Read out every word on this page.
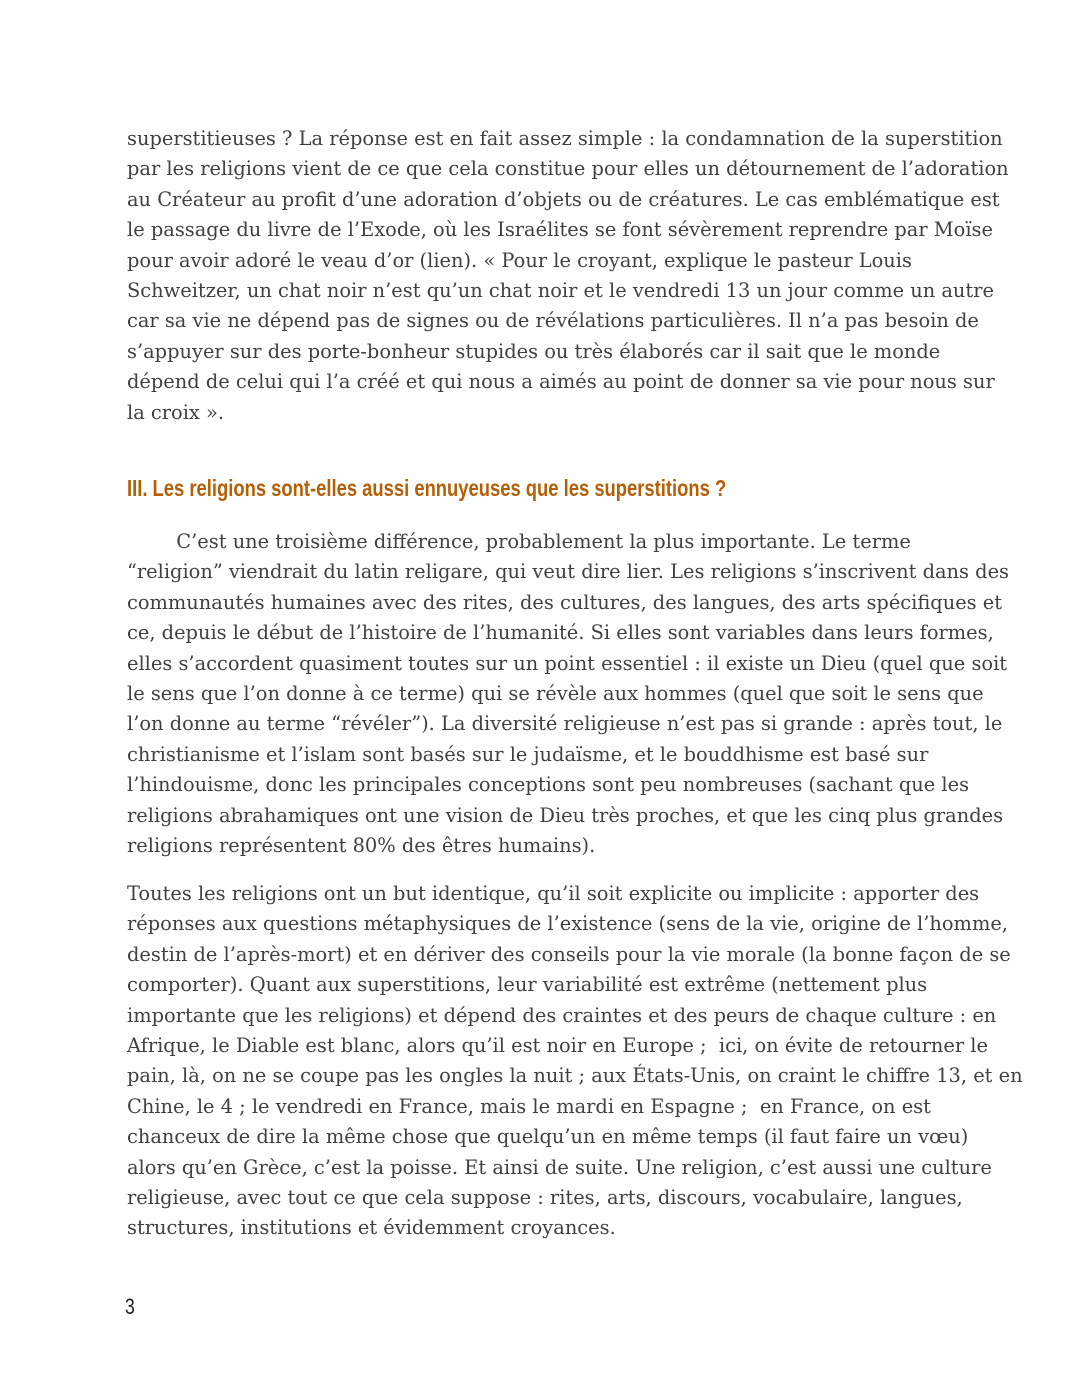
superstitieuses ? La réponse est en fait assez simple : la condamnation de la superstition
par les religions vient de ce que cela constitue pour elles un détournement de l’adoration
au Créateur au profit d’une adoration d’objets ou de créatures. Le cas emblématique est
le passage du livre de l’Exode, où les Israélites se font sévèrement reprendre par Moïse
pour avoir adoré le veau d’or (lien). « Pour le croyant, explique le pasteur Louis
Schweitzer, un chat noir n’est qu’un chat noir et le vendredi 13 un jour comme un autre
car sa vie ne dépend pas de signes ou de révélations particulières. Il n’a pas besoin de
s’appuyer sur des porte-bonheur stupides ou très élaborés car il sait que le monde
dépend de celui qui l’a créé et qui nous a aimés au point de donner sa vie pour nous sur
la croix ».
III. Les religions sont-elles aussi ennuyeuses que les superstitions ?
C’est une troisième différence, probablement la plus importante. Le terme
“religion” viendrait du latin religare, qui veut dire lier. Les religions s’inscrivent dans des
communautés humaines avec des rites, des cultures, des langues, des arts spécifiques et
ce, depuis le début de l’histoire de l’humanité. Si elles sont variables dans leurs formes,
elles s’accordent quasiment toutes sur un point essentiel : il existe un Dieu (quel que soit
le sens que l’on donne à ce terme) qui se révèle aux hommes (quel que soit le sens que
l’on donne au terme “révéler”). La diversité religieuse n’est pas si grande : après tout, le
christianisme et l’islam sont basés sur le judaïsme, et le bouddhisme est basé sur
l’hindouisme, donc les principales conceptions sont peu nombreuses (sachant que les
religions abrahamiques ont une vision de Dieu très proches, et que les cinq plus grandes
religions représentent 80% des êtres humains).
Toutes les religions ont un but identique, qu’il soit explicite ou implicite : apporter des
réponses aux questions métaphysiques de l’existence (sens de la vie, origine de l’homme,
destin de l’après-mort) et en dériver des conseils pour la vie morale (la bonne façon de se
comporter). Quant aux superstitions, leur variabilité est extrême (nettement plus
importante que les religions) et dépend des craintes et des peurs de chaque culture : en
Afrique, le Diable est blanc, alors qu’il est noir en Europe ;  ici, on évite de retourner le
pain, là, on ne se coupe pas les ongles la nuit ; aux États-Unis, on craint le chiffre 13, et en
Chine, le 4 ; le vendredi en France, mais le mardi en Espagne ;  en France, on est
chanceux de dire la même chose que quelqu’un en même temps (il faut faire un vœu)
alors qu’en Grèce, c’est la poisse. Et ainsi de suite. Une religion, c’est aussi une culture
religieuse, avec tout ce que cela suppose : rites, arts, discours, vocabulaire, langues,
structures, institutions et évidemment croyances.
3
